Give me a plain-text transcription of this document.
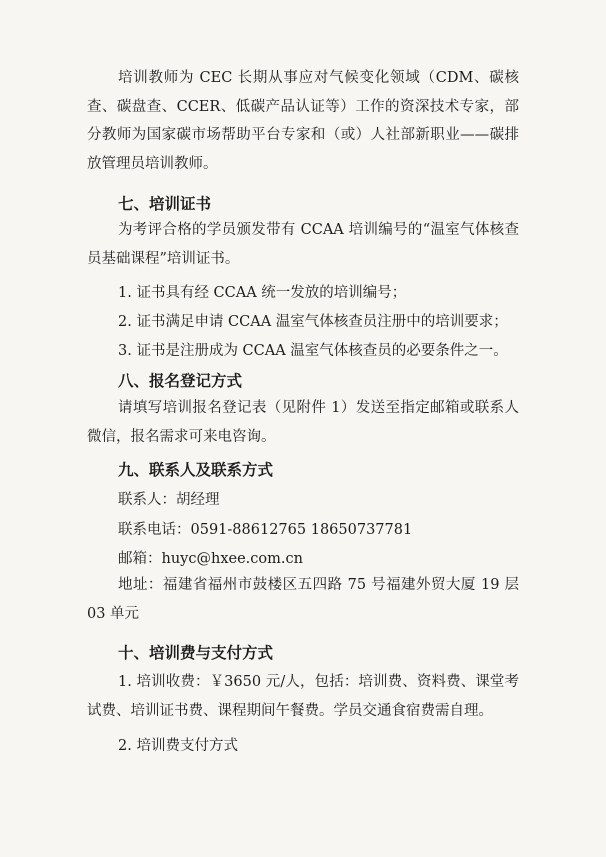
培训教师为 CEC 长期从事应对气候变化领域（CDM、碳核查、碳盘查、CCER、低碳产品认证等）工作的资深技术专家，部分教师为国家碳市场帮助平台专家和（或）人社部新职业——碳排放管理员培训教师。

七、培训证书

为考评合格的学员颁发带有 CCAA 培训编号的“温室气体核查员基础课程”培训证书。

1. 证书具有经 CCAA 统一发放的培训编号；
2. 证书满足申请 CCAA 温室气体核查员注册中的培训要求；
3. 证书是注册成为 CCAA 温室气体核查员的必要条件之一。
八、报名登记方式

请填写培训报名登记表（见附件 1）发送至指定邮箱或联系人微信，报名需求可来电咨询。

九、联系人及联系方式
联系人：胡经理
联系电话：0591-88612765 18650737781
邮箱：huyc@hxee.com.cn

地址：福建省福州市鼓楼区五四路 75 号福建外贸大厦 19 层 03 单元

十、培训费与支付方式

1. 培训收费：￥3650 元/人，包括：培训费、资料费、课堂考试费、培训证书费、课程期间午餐费。学员交通食宿费需自理。

2. 培训费支付方式
